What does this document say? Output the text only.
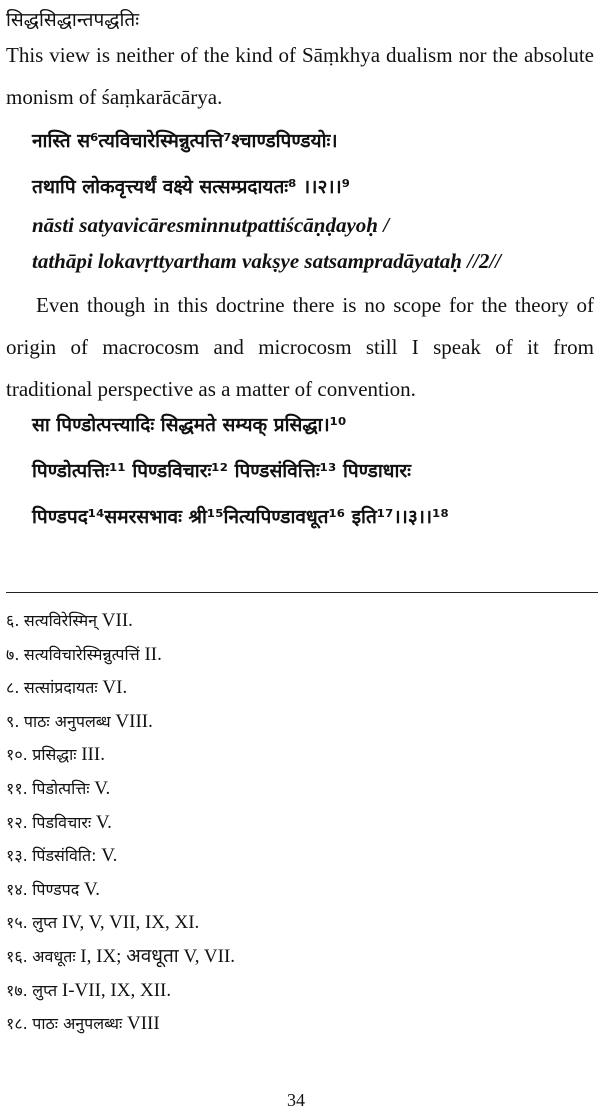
सिद्धसिद्धान्तपद्धतिः

This view is neither of the kind of Sāṃkhya dualism nor the absolute monism of śaṃkarācārya.

नास्ति स⁶त्यविचारेस्मिन्नुत्पत्ति⁷श्चाण्डपिण्डयोः।
तथापि लोकवृत्त्यर्थं वक्ष्ये सत्सम्प्रदायतः⁸ ।।२।।⁹
nāsti satyavicāresminnutpattiścāṇḍayoḥ /
tathāpi lokavṛttyartham vakṣye satsampradāyataḥ //2//

Even though in this doctrine there is no scope for the theory of origin of macrocosm and microcosm still I speak of it from traditional perspective as a matter of convention.

सा पिण्डोत्पत्त्यादिः सिद्धमते सम्यक् प्रसिद्धा।¹⁰
पिण्डोत्पत्तिः¹¹ पिण्डविचारः¹² पिण्डसंवित्तिः¹³ पिण्डाधारः
पिण्डपद¹⁴समरसभावः श्री¹⁵नित्यपिण्डावधूत¹⁶ इति¹⁷।।३।।¹⁸
६. सत्यविरेस्मिन् VII.
७. सत्यविचारेस्मिन्नुत्पत्तिं II.
८. सत्सांप्रदायतः VI.
९. पाठः अनुपलब्ध VIII.
१०. प्रसिद्धाः III.
११. पिडोत्पत्तिः V.
१२. पिडविचारः V.
१३. पिंडसंविति: V.
१४. पिण्डपद V.
१५. लुप्त IV, V, VII, IX, XI.
१६. अवधूतः I, IX; अवधूता V, VII.
१७. लुप्त I-VII, IX, XII.
१८. पाठः अनुपलब्धः VIII
34
